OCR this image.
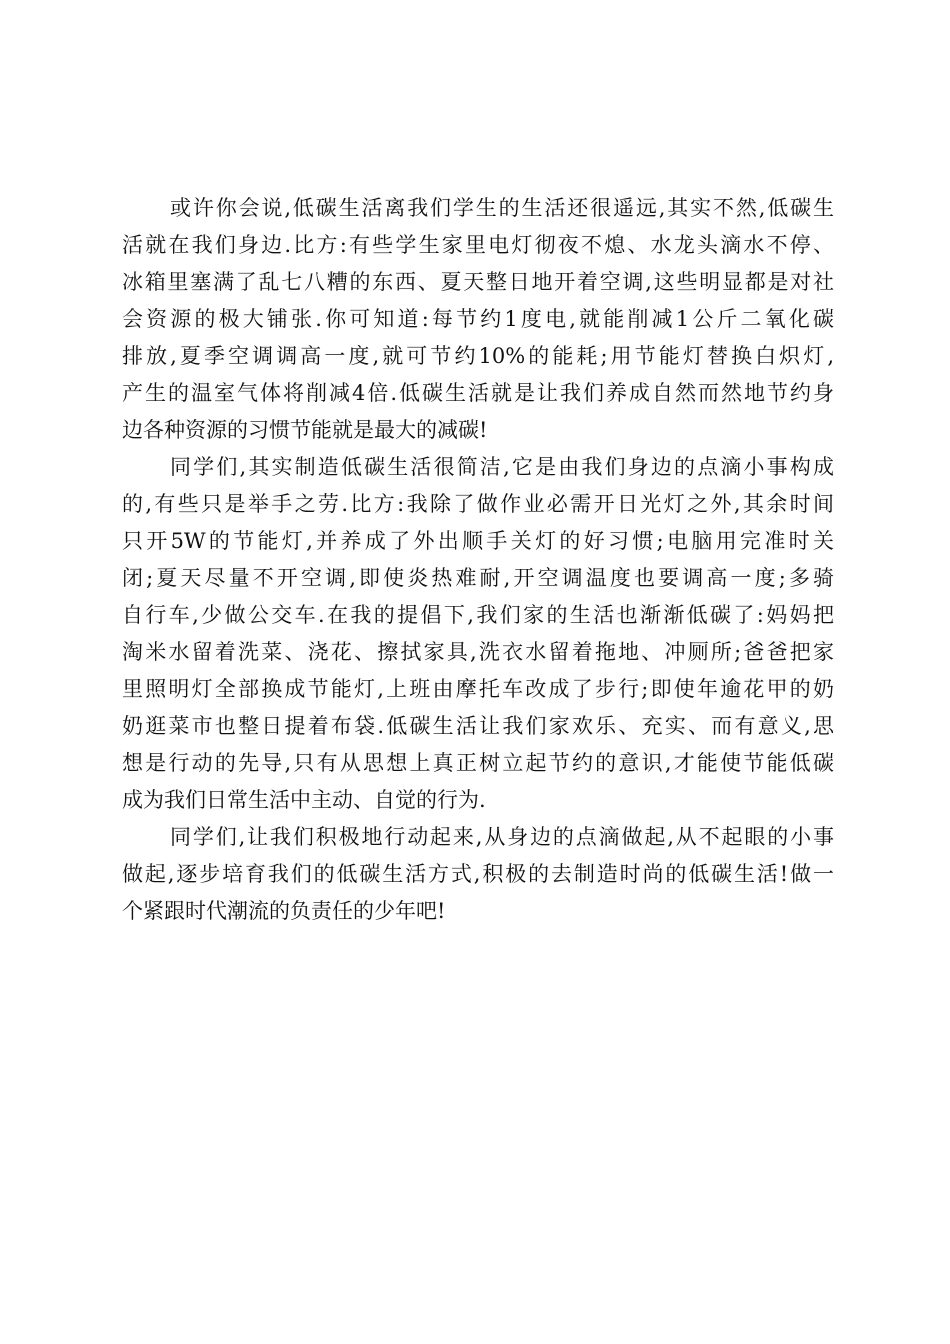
或许你会说,低碳生活离我们学生的生活还很遥远,其实不然,低碳生
活就在我们身边.比方:有些学生家里电灯彻夜不熄、水龙头滴水不停、
冰箱里塞满了乱七八糟的东西、夏天整日地开着空调,这些明显都是对社
会资源的极大铺张.你可知道:每节约1度电,就能削减1公斤二氧化碳
排放,夏季空调调高一度,就可节约10%的能耗;用节能灯替换白炽灯,
产生的温室气体将削减4倍.低碳生活就是让我们养成自然而然地节约身
边各种资源的习惯节能就是最大的减碳!
同学们,其实制造低碳生活很简洁,它是由我们身边的点滴小事构成
的,有些只是举手之劳.比方:我除了做作业必需开日光灯之外,其余时间
只开5W的节能灯,并养成了外出顺手关灯的好习惯;电脑用完准时关
闭;夏天尽量不开空调,即使炎热难耐,开空调温度也要调高一度;多骑
自行车,少做公交车.在我的提倡下,我们家的生活也渐渐低碳了:妈妈把
淘米水留着洗菜、浇花、擦拭家具,洗衣水留着拖地、冲厕所;爸爸把家
里照明灯全部换成节能灯,上班由摩托车改成了步行;即使年逾花甲的奶
奶逛菜市也整日提着布袋.低碳生活让我们家欢乐、充实、而有意义,思
想是行动的先导,只有从思想上真正树立起节约的意识,才能使节能低碳
成为我们日常生活中主动、自觉的行为.
同学们,让我们积极地行动起来,从身边的点滴做起,从不起眼的小事
做起,逐步培育我们的低碳生活方式,积极的去制造时尚的低碳生活!做一
个紧跟时代潮流的负责任的少年吧!
